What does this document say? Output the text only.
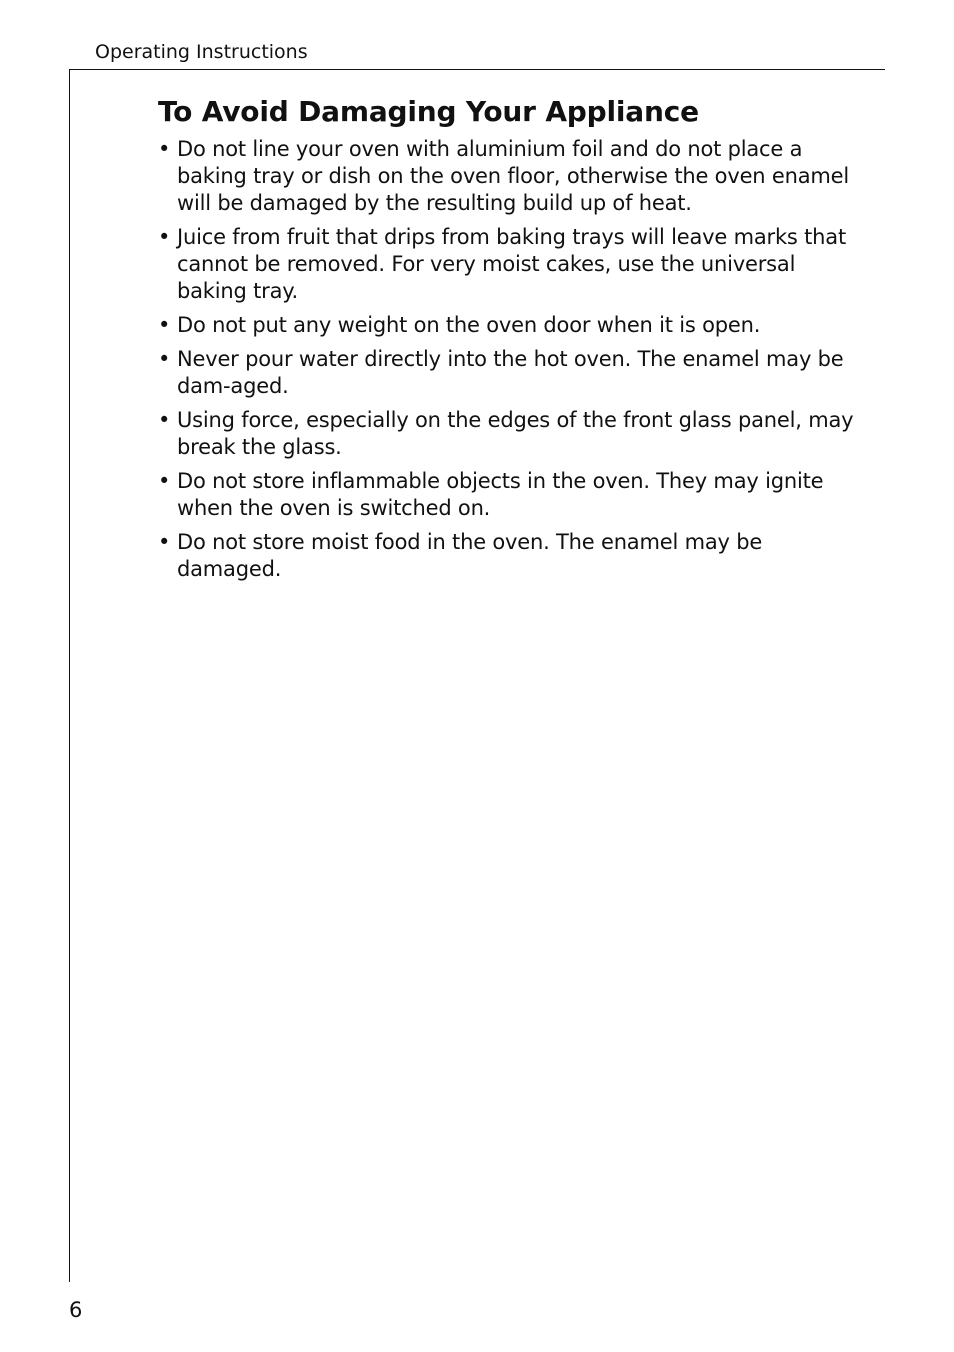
Operating Instructions
To Avoid Damaging Your Appliance
• Do not line your oven with aluminium foil and do not place a baking tray or dish on the oven floor, otherwise the oven enamel will be damaged by the resulting build up of heat.
• Juice from fruit that drips from baking trays will leave marks that cannot be removed. For very moist cakes, use the universal baking tray.
• Do not put any weight on the oven door when it is open.
• Never pour water directly into the hot oven. The enamel may be dam-aged.
• Using force, especially on the edges of the front glass panel, may break the glass.
• Do not store inflammable objects in the oven. They may ignite when the oven is switched on.
• Do not store moist food in the oven. The enamel may be damaged.
6
